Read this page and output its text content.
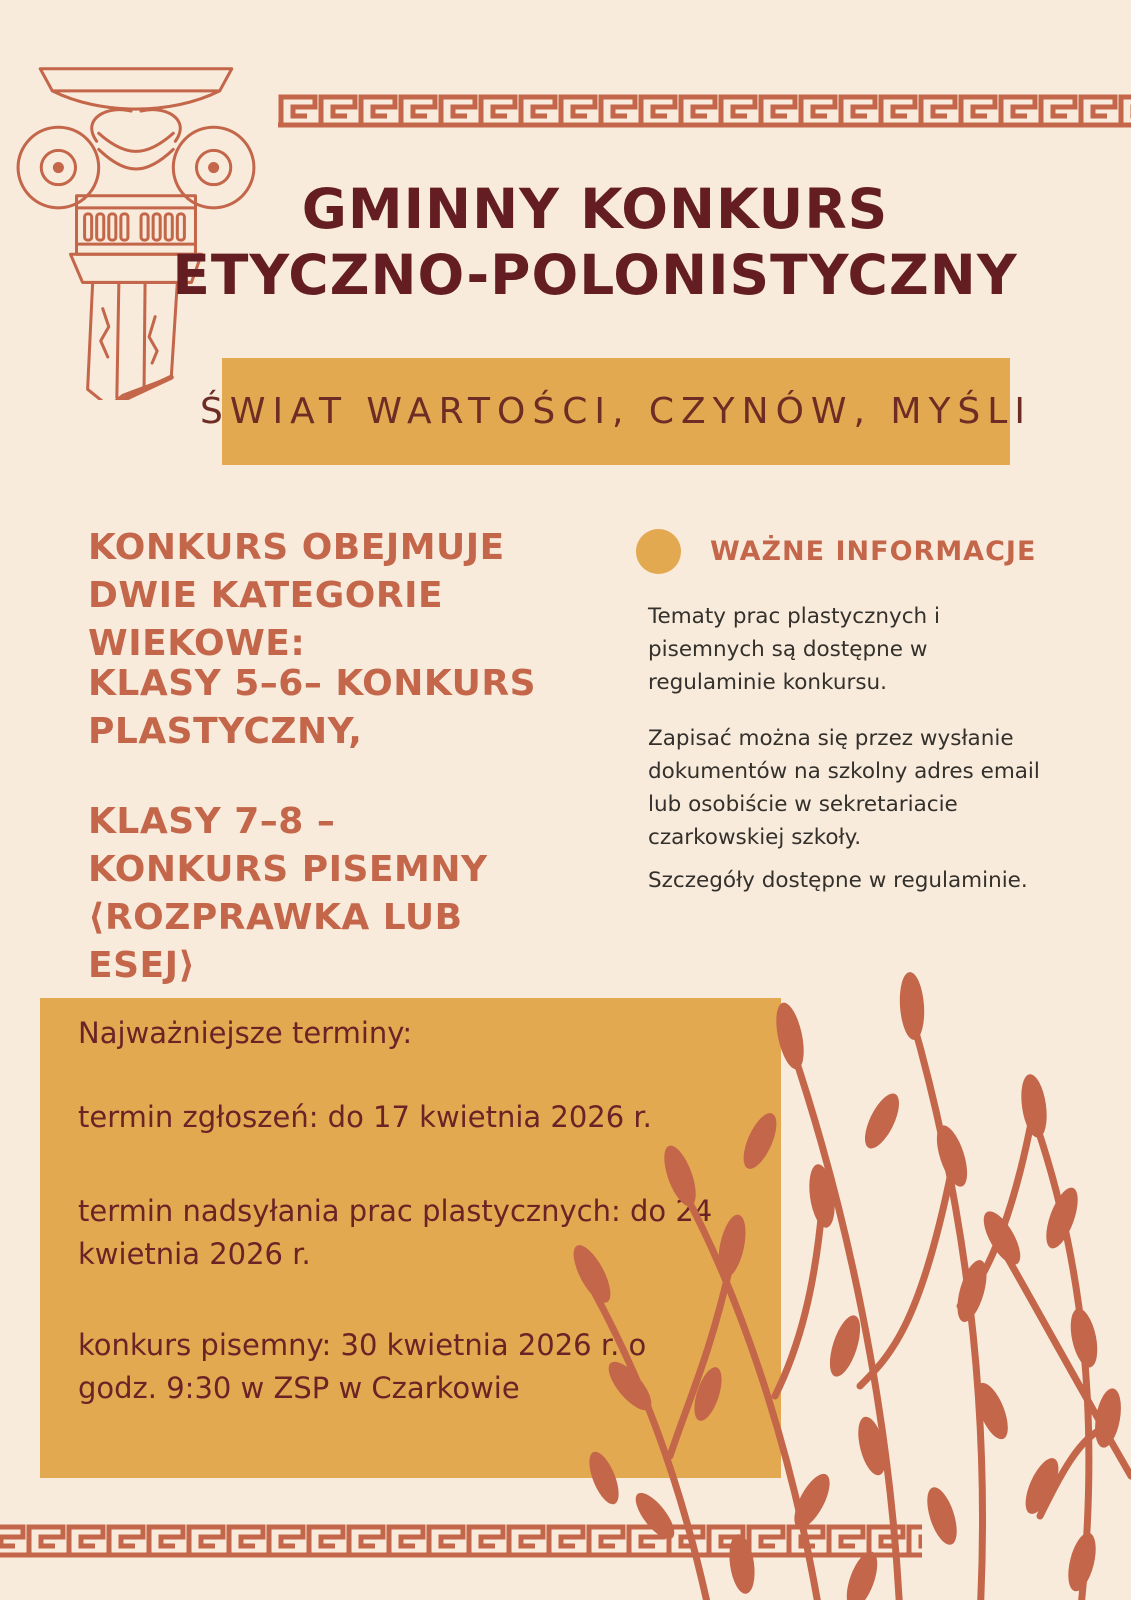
GMINNY KONKURS
ETYCZNO-POLONISTYCZNY
ŚWIAT WARTOŚCI, CZYNÓW, MYŚLI
KONKURS OBEJMUJE DWIE KATEGORIE WIEKOWE:
KLASY 5–6– KONKURS PLASTYCZNY,
KLASY 7–8 – KONKURS PISEMNY ⟨ROZPRAWKA LUB ESEJ⟩
WAŻNE INFORMACJE

Tematy prac plastycznych i pisemnych są dostępne w regulaminie konkursu.

Zapisać można się przez wysłanie dokumentów na szkolny adres email lub osobiście w sekretariacie czarkowskiej szkoły.

Szczegóły dostępne w regulaminie.

Najważniejsze terminy:
termin zgłoszeń: do 17 kwietnia 2026 r.
termin nadsyłania prac plastycznych: do 24 kwietnia 2026 r.
konkurs pisemny: 30 kwietnia 2026 r. o godz. 9:30 w ZSP w Czarkowie
